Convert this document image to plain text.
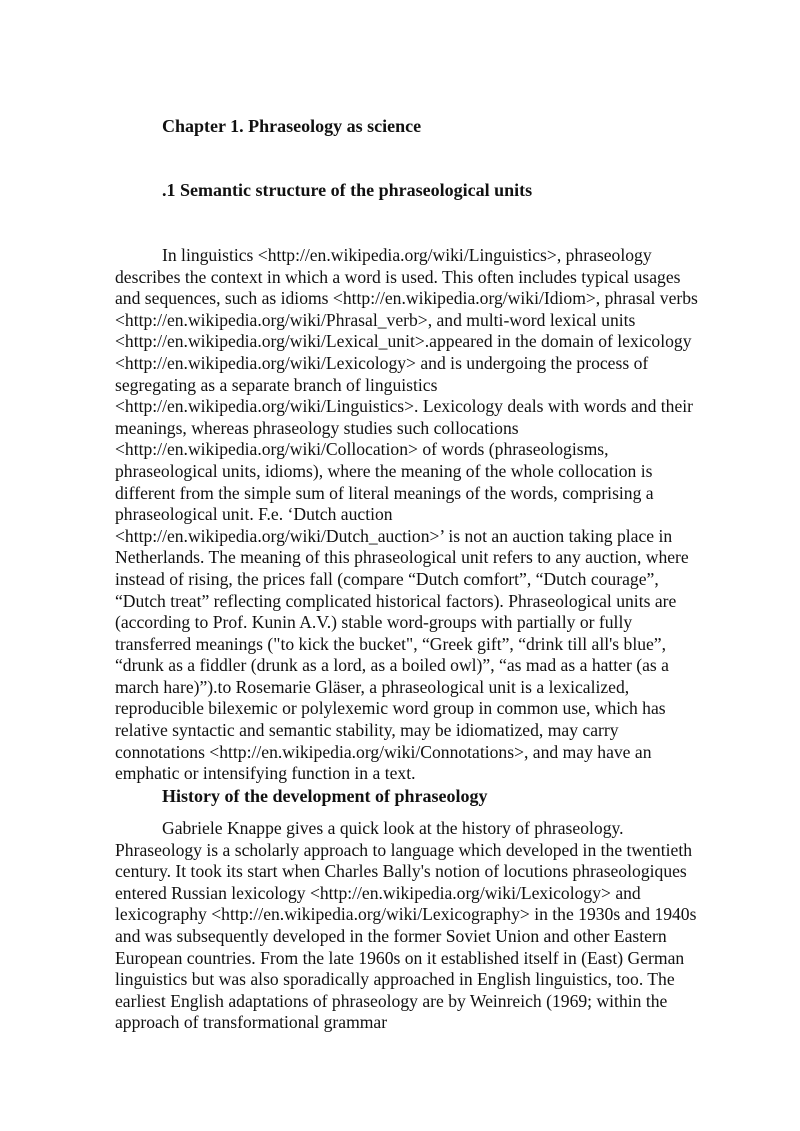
Chapter 1. Phraseology as science
.1 Semantic structure of the phraseological units
In linguistics <http://en.wikipedia.org/wiki/Linguistics>, phraseology
describes the context in which a word is used. This often includes typical usages
and sequences, such as idioms <http://en.wikipedia.org/wiki/Idiom>, phrasal verbs
<http://en.wikipedia.org/wiki/Phrasal_verb>, and multi-word lexical units
<http://en.wikipedia.org/wiki/Lexical_unit>.appeared in the domain of lexicology
<http://en.wikipedia.org/wiki/Lexicology> and is undergoing the process of
segregating as a separate branch of linguistics
<http://en.wikipedia.org/wiki/Linguistics>. Lexicology deals with words and their
meanings, whereas phraseology studies such collocations
<http://en.wikipedia.org/wiki/Collocation> of words (phraseologisms,
phraseological units, idioms), where the meaning of the whole collocation is
different from the simple sum of literal meanings of the words, comprising a
phraseological unit. F.e. ‘Dutch auction
<http://en.wikipedia.org/wiki/Dutch_auction>’ is not an auction taking place in
Netherlands. The meaning of this phraseological unit refers to any auction, where
instead of rising, the prices fall (compare “Dutch comfort”, “Dutch courage”,
“Dutch treat” reflecting complicated historical factors). Phraseological units are
(according to Prof. Kunin A.V.) stable word-groups with partially or fully
transferred meanings ("to kick the bucket", “Greek gift”, “drink till all's blue”,
“drunk as a fiddler (drunk as a lord, as a boiled owl)”, “as mad as a hatter (as a
march hare)”).to Rosemarie Gläser, a phraseological unit is a lexicalized,
reproducible bilexemic or polylexemic word group in common use, which has
relative syntactic and semantic stability, may be idiomatized, may carry
connotations <http://en.wikipedia.org/wiki/Connotations>, and may have an
emphatic or intensifying function in a text.
History of the development of phraseology
Gabriele Knappe gives a quick look at the history of phraseology.
Phraseology is a scholarly approach to language which developed in the twentieth
century. It took its start when Charles Bally's notion of locutions phraseologiques
entered Russian lexicology <http://en.wikipedia.org/wiki/Lexicology> and
lexicography <http://en.wikipedia.org/wiki/Lexicography> in the 1930s and 1940s
and was subsequently developed in the former Soviet Union and other Eastern
European countries. From the late 1960s on it established itself in (East) German
linguistics but was also sporadically approached in English linguistics, too. The
earliest English adaptations of phraseology are by Weinreich (1969; within the
approach of transformational grammar
